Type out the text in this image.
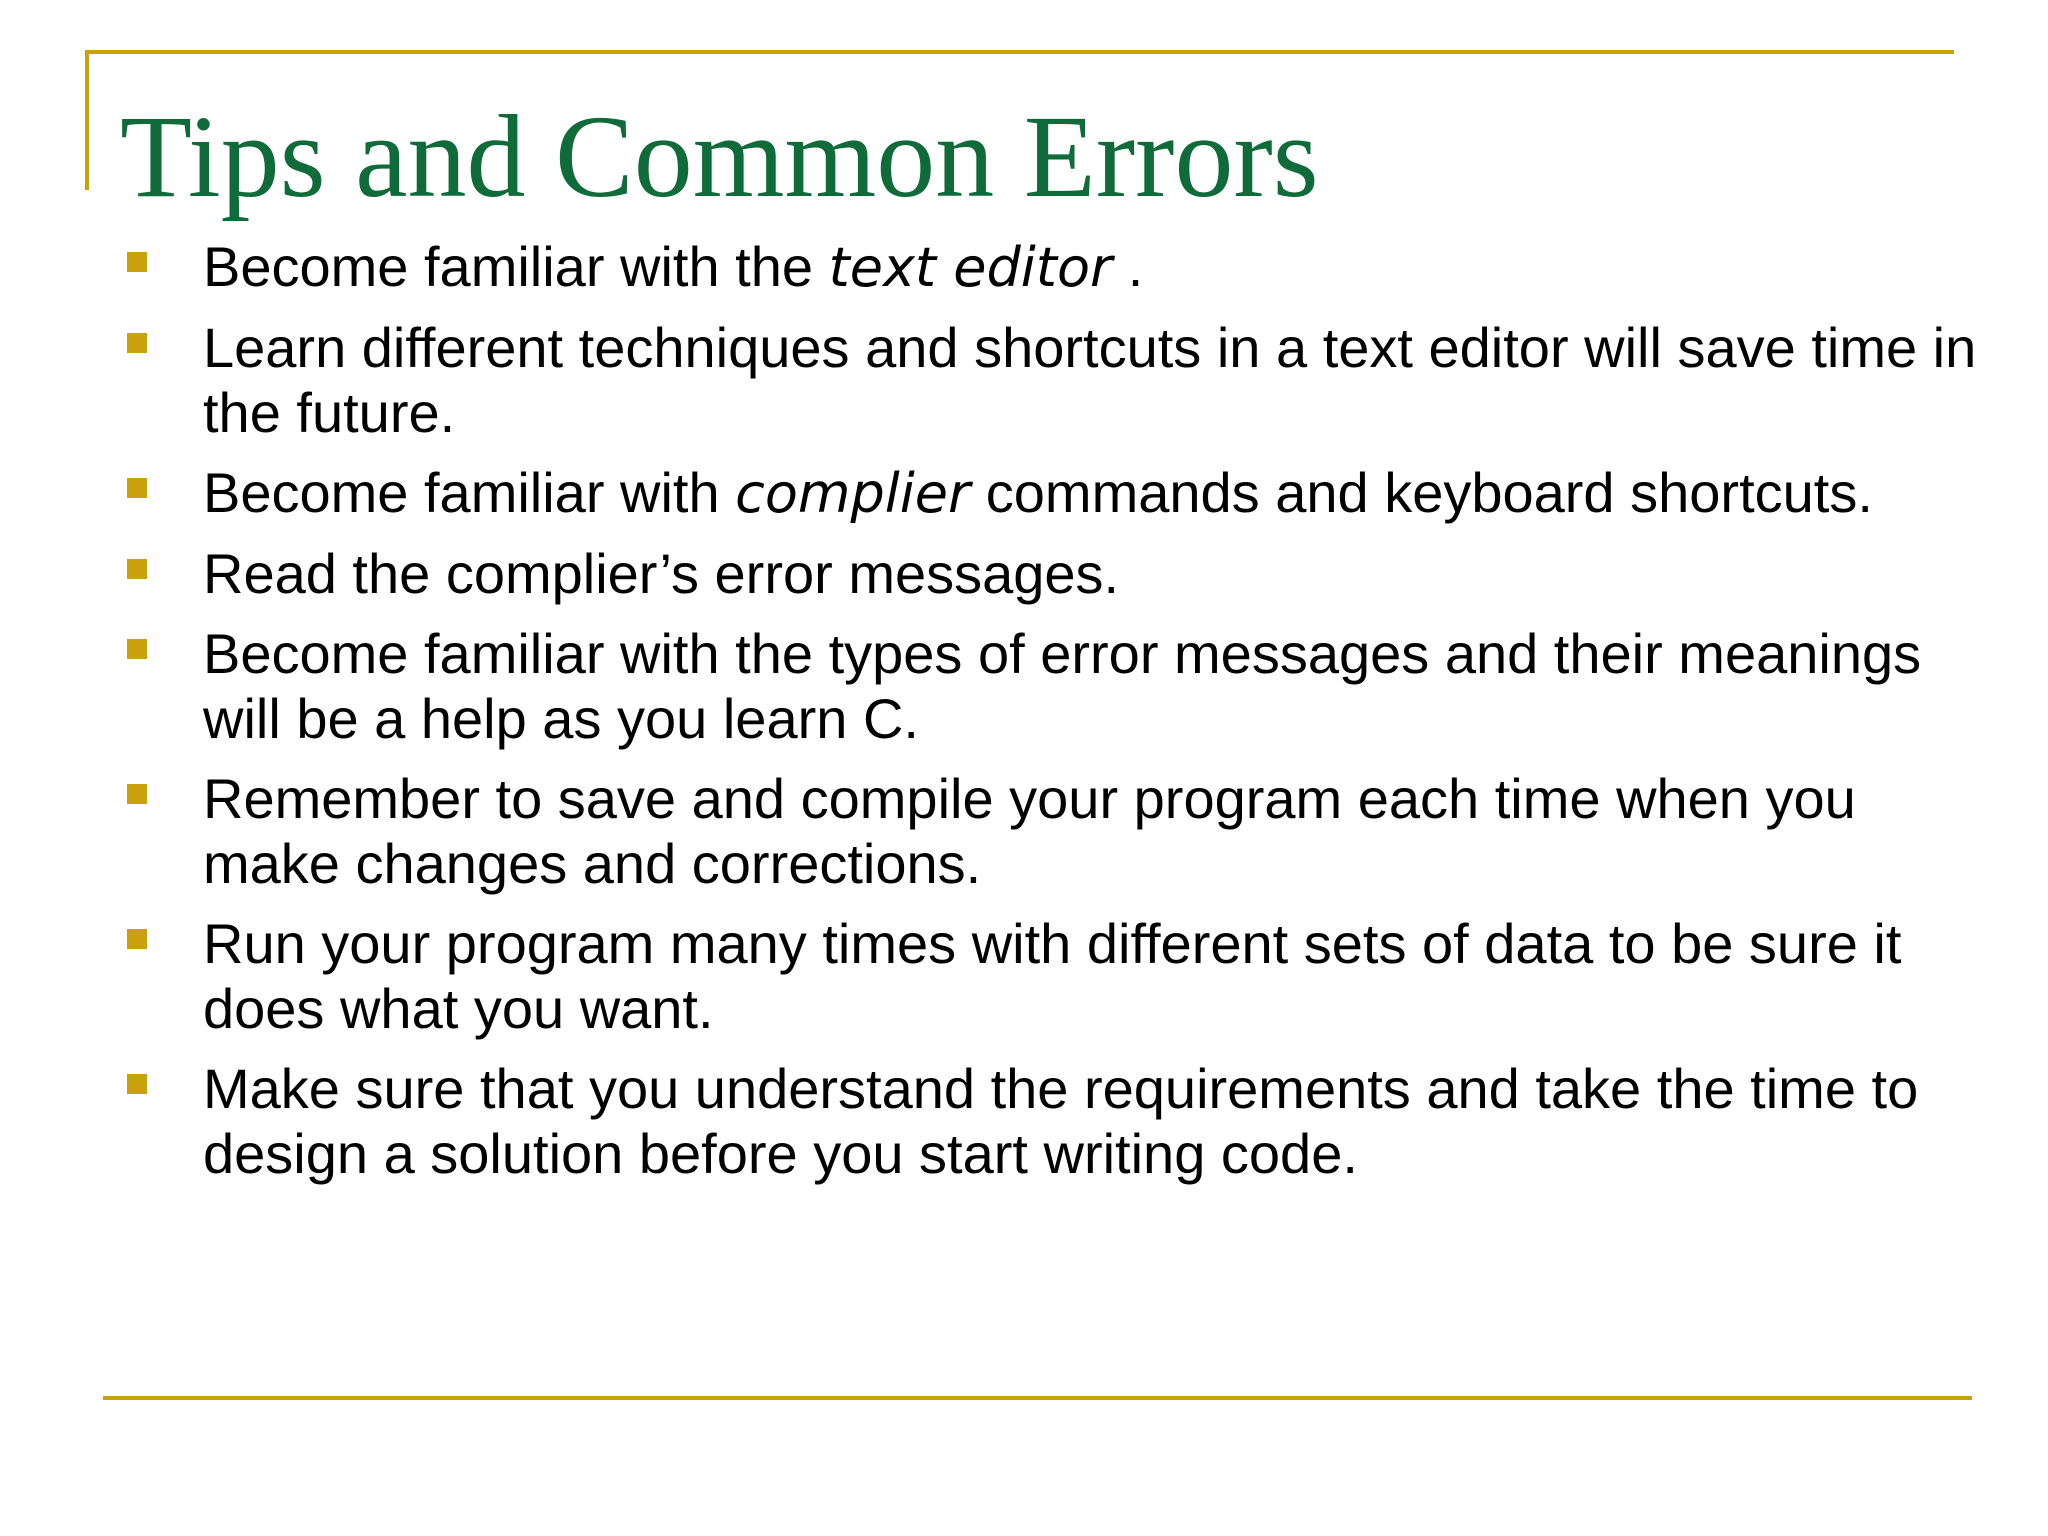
Tips and Common Errors
Become familiar with the text editor .
Learn different techniques and shortcuts in a text editor will save time in the future.
Become familiar with complier commands and keyboard shortcuts.
Read the complier’s error messages.
Become familiar with the types of error messages and their meanings will be a help as you learn C.
Remember to save and compile your program each time when you make changes and corrections.
Run your program many times with different sets of data to be sure it does what you want.
Make sure that you understand the requirements and take the time to design a solution before you start writing code.
